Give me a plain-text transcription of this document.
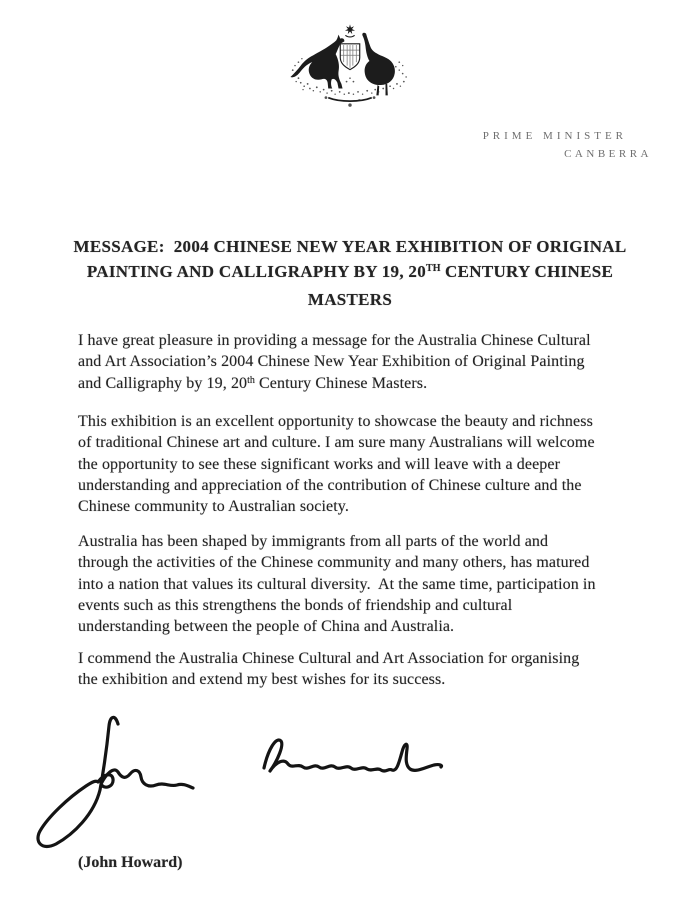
PRIME MINISTER
CANBERRA
MESSAGE:  2004 CHINESE NEW YEAR EXHIBITION OF ORIGINAL
PAINTING AND CALLIGRAPHY BY 19, 20TH CENTURY CHINESE
MASTERS
I have great pleasure in providing a message for the Australia Chinese Cultural
and Art Association’s 2004 Chinese New Year Exhibition of Original Painting
and Calligraphy by 19, 20th Century Chinese Masters.
This exhibition is an excellent opportunity to showcase the beauty and richness
of traditional Chinese art and culture. I am sure many Australians will welcome
the opportunity to see these significant works and will leave with a deeper
understanding and appreciation of the contribution of Chinese culture and the
Chinese community to Australian society.
Australia has been shaped by immigrants from all parts of the world and
through the activities of the Chinese community and many others, has matured
into a nation that values its cultural diversity.  At the same time, participation in
events such as this strengthens the bonds of friendship and cultural
understanding between the people of China and Australia.
I commend the Australia Chinese Cultural and Art Association for organising
the exhibition and extend my best wishes for its success.
(John Howard)
